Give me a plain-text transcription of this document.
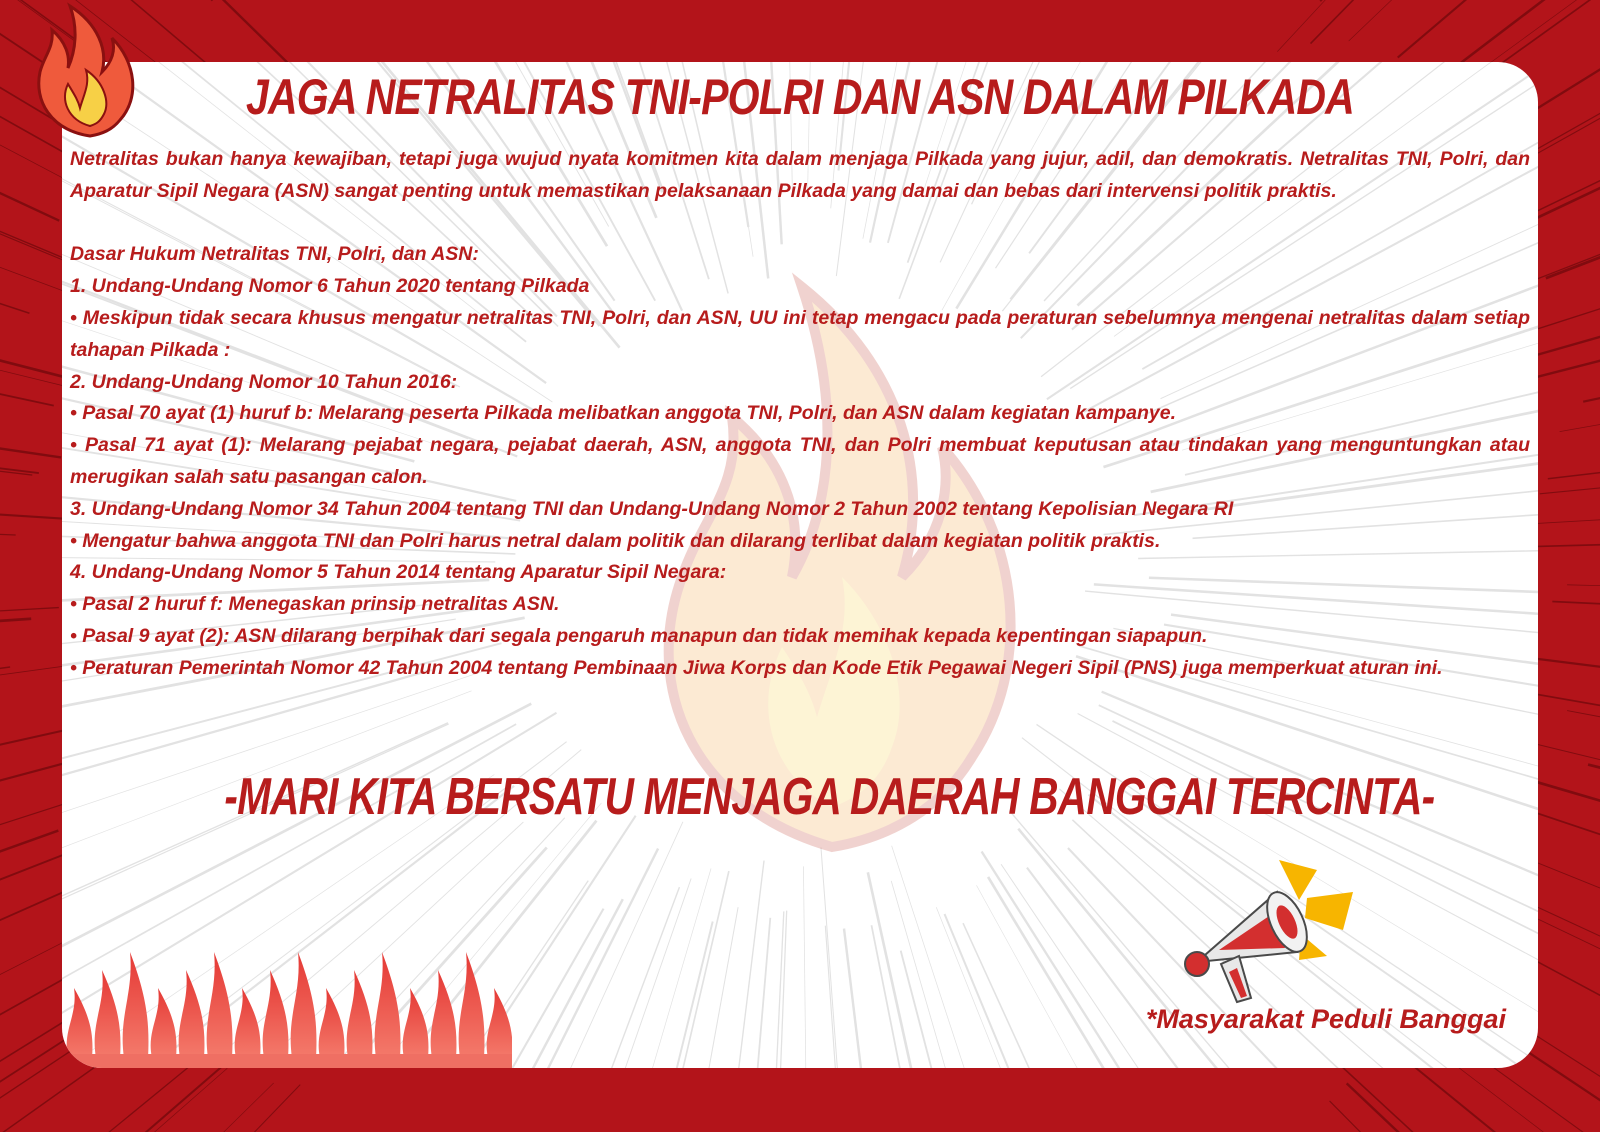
JAGA NETRALITAS TNI-POLRI DAN ASN DALAM PILKADA

Netralitas bukan hanya kewajiban, tetapi juga wujud nyata komitmen kita dalam menjaga Pilkada yang jujur, adil, dan demokratis. Netralitas TNI, Polri, dan Aparatur Sipil Negara (ASN) sangat penting untuk memastikan pelaksanaan Pilkada yang damai dan bebas dari intervensi politik praktis.

Dasar Hukum Netralitas TNI, Polri, dan ASN:

1. Undang-Undang Nomor 6 Tahun 2020 tentang Pilkada

• Meskipun tidak secara khusus mengatur netralitas TNI, Polri, dan ASN, UU ini tetap mengacu pada peraturan sebelumnya mengenai netralitas dalam setiap tahapan Pilkada :

2. Undang-Undang Nomor 10 Tahun 2016:

• Pasal 70 ayat (1) huruf b: Melarang peserta Pilkada melibatkan anggota TNI, Polri, dan ASN dalam kegiatan kampanye.

• Pasal 71 ayat (1): Melarang pejabat negara, pejabat daerah, ASN, anggota TNI, dan Polri membuat keputusan atau tindakan yang menguntungkan atau merugikan salah satu pasangan calon.

3. Undang-Undang Nomor 34 Tahun 2004 tentang TNI dan Undang-Undang Nomor 2 Tahun 2002 tentang Kepolisian Negara RI

• Mengatur bahwa anggota TNI dan Polri harus netral dalam politik dan dilarang terlibat dalam kegiatan politik praktis.

4. Undang-Undang Nomor 5 Tahun 2014 tentang Aparatur Sipil Negara:

• Pasal 2 huruf f: Menegaskan prinsip netralitas ASN.

• Pasal 9 ayat (2): ASN dilarang berpihak dari segala pengaruh manapun dan tidak memihak kepada kepentingan siapapun.

• Peraturan Pemerintah Nomor 42 Tahun 2004 tentang Pembinaan Jiwa Korps dan Kode Etik Pegawai Negeri Sipil (PNS) juga memperkuat aturan ini.

-MARI KITA BERSATU MENJAGA DAERAH BANGGAI TERCINTA-
*Masyarakat Peduli Banggai
